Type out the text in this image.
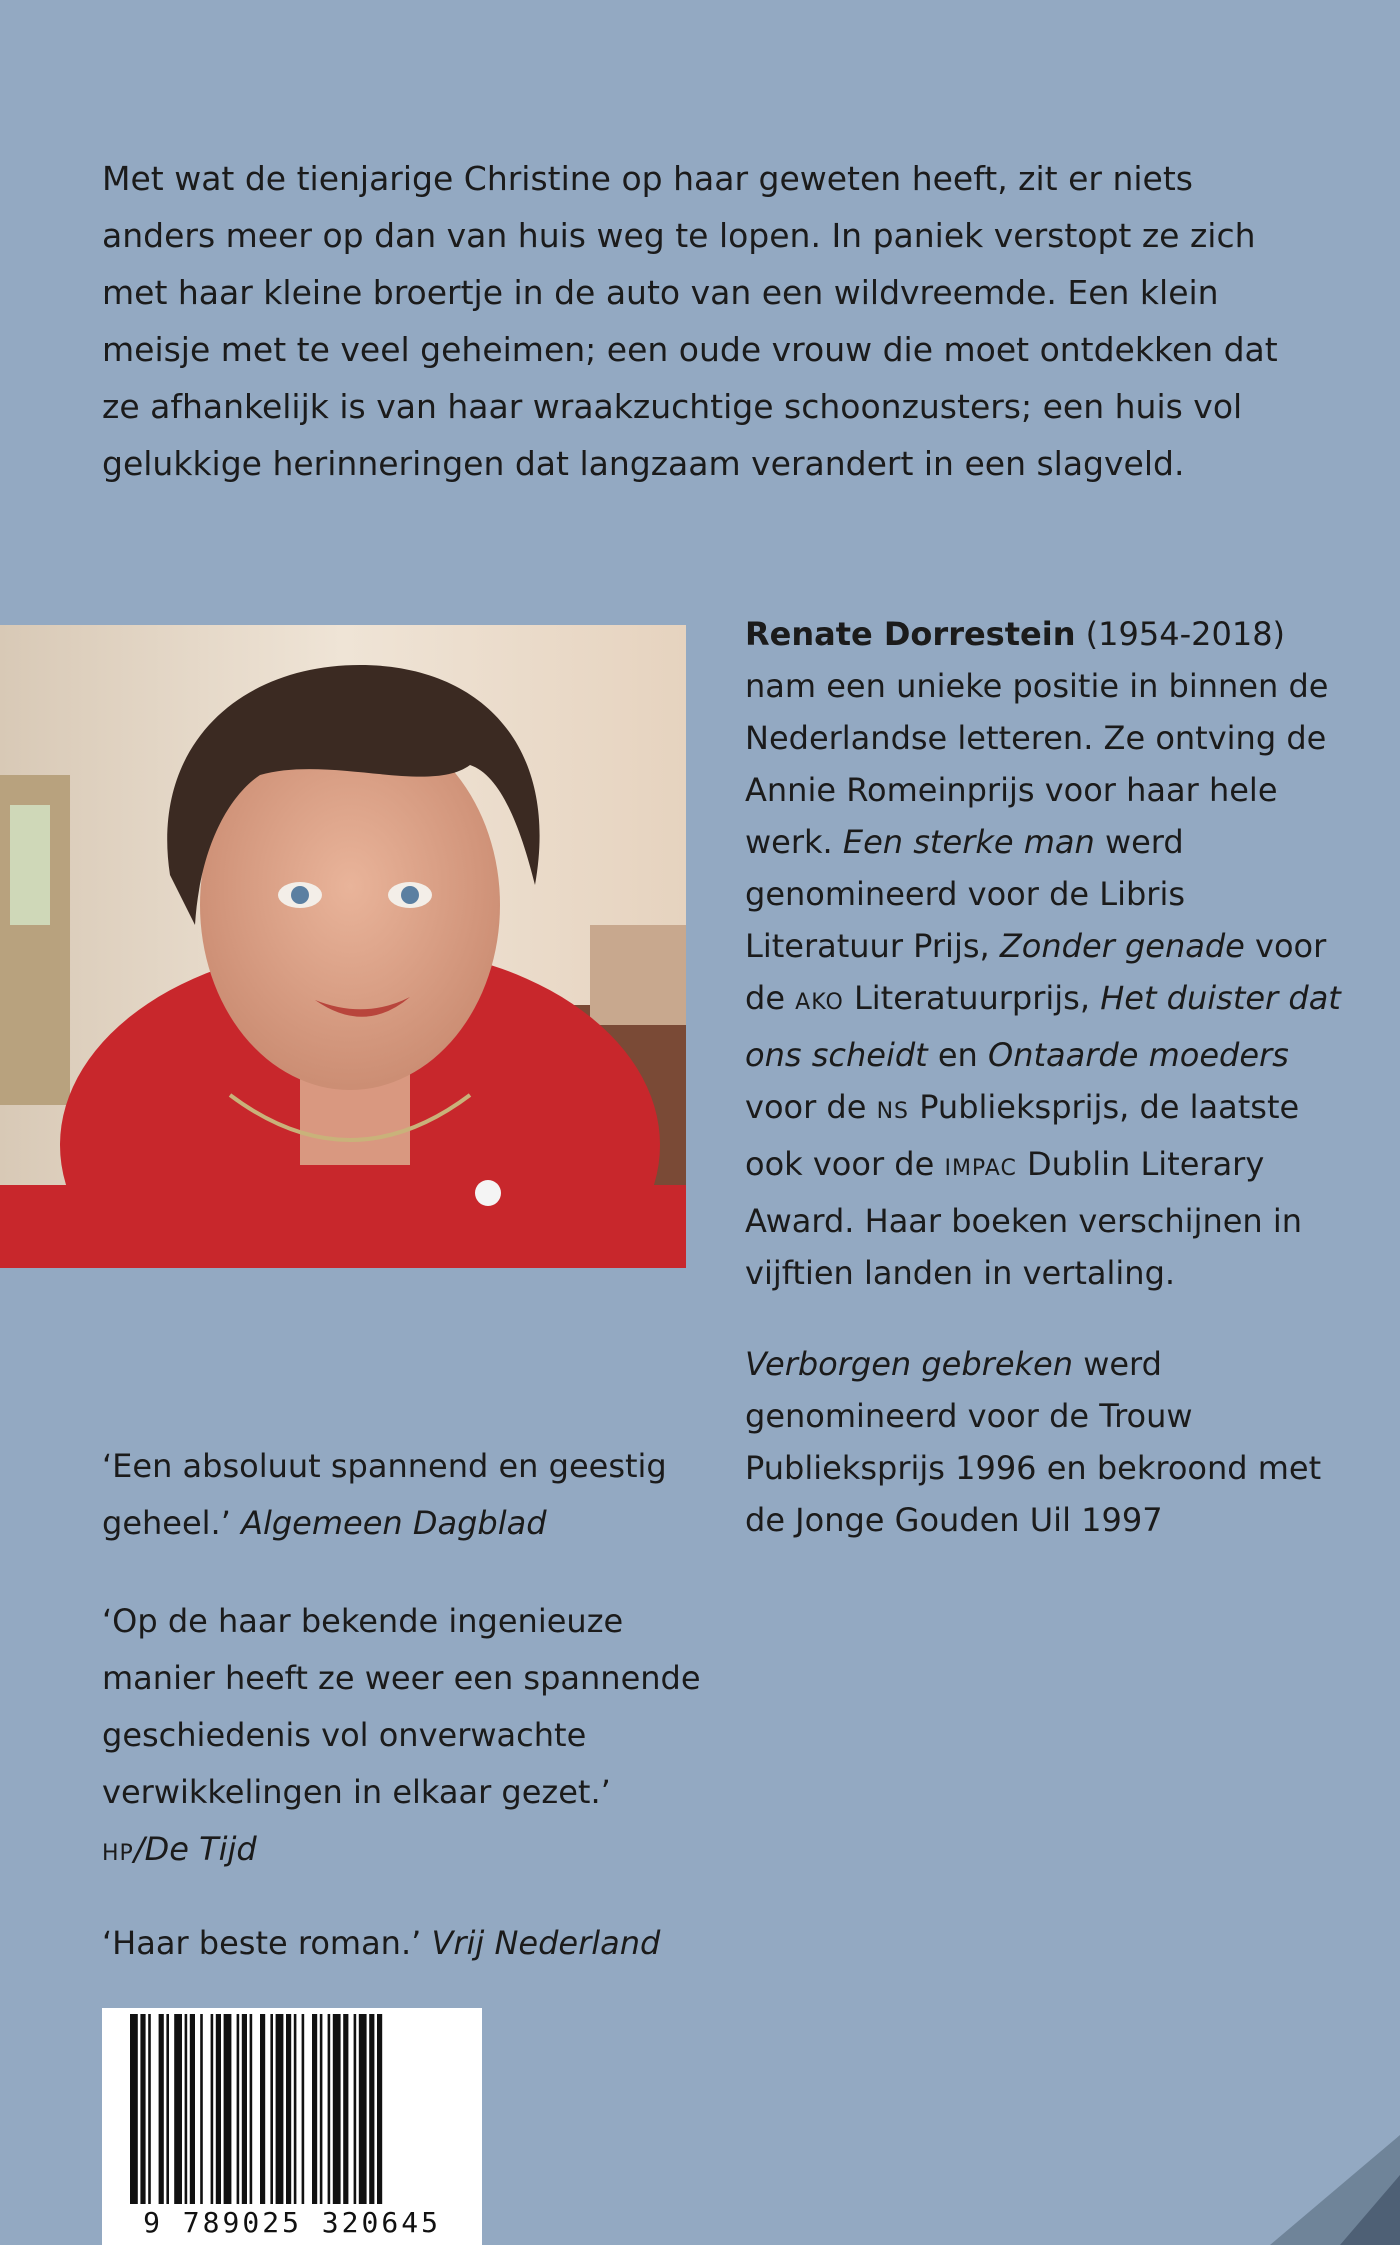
Met wat de tienjarige Christine op haar geweten heeft, zit er niets anders meer op dan van huis weg te lopen. In paniek verstopt ze zich met haar kleine broertje in de auto van een wildvreemde. Een klein meisje met te veel geheimen; een oude vrouw die moet ontdekken dat ze afhankelijk is van haar wraakzuchtige schoonzusters; een huis vol gelukkige herinneringen dat langzaam verandert in een slagveld.

Renate Dorrestein (1954-2018) nam een unieke positie in binnen de Nederlandse letteren. Ze ontving de Annie Romeinprijs voor haar hele werk. Een sterke man werd genomineerd voor de Libris Literatuur Prijs, Zonder genade voor de AKO Literatuurprijs, Het duister dat ons scheidt en Ontaarde moeders voor de NS Publieksprijs, de laatste ook voor de IMPAC Dublin Literary Award. Haar boeken verschijnen in vijftien landen in vertaling.

Verborgen gebreken werd genomineerd voor de Trouw Publieksprijs 1996 en bekroond met de Jonge Gouden Uil 1997

‘Een absoluut spannend en geestig geheel.’ Algemeen Dagblad

‘Op de haar bekende ingenieuze manier heeft ze weer een spannende geschiedenis vol onverwachte verwikkelingen in elkaar gezet.’
HP/De Tijd

‘Haar beste roman.’ Vrij Nederland

9 789025 320645
